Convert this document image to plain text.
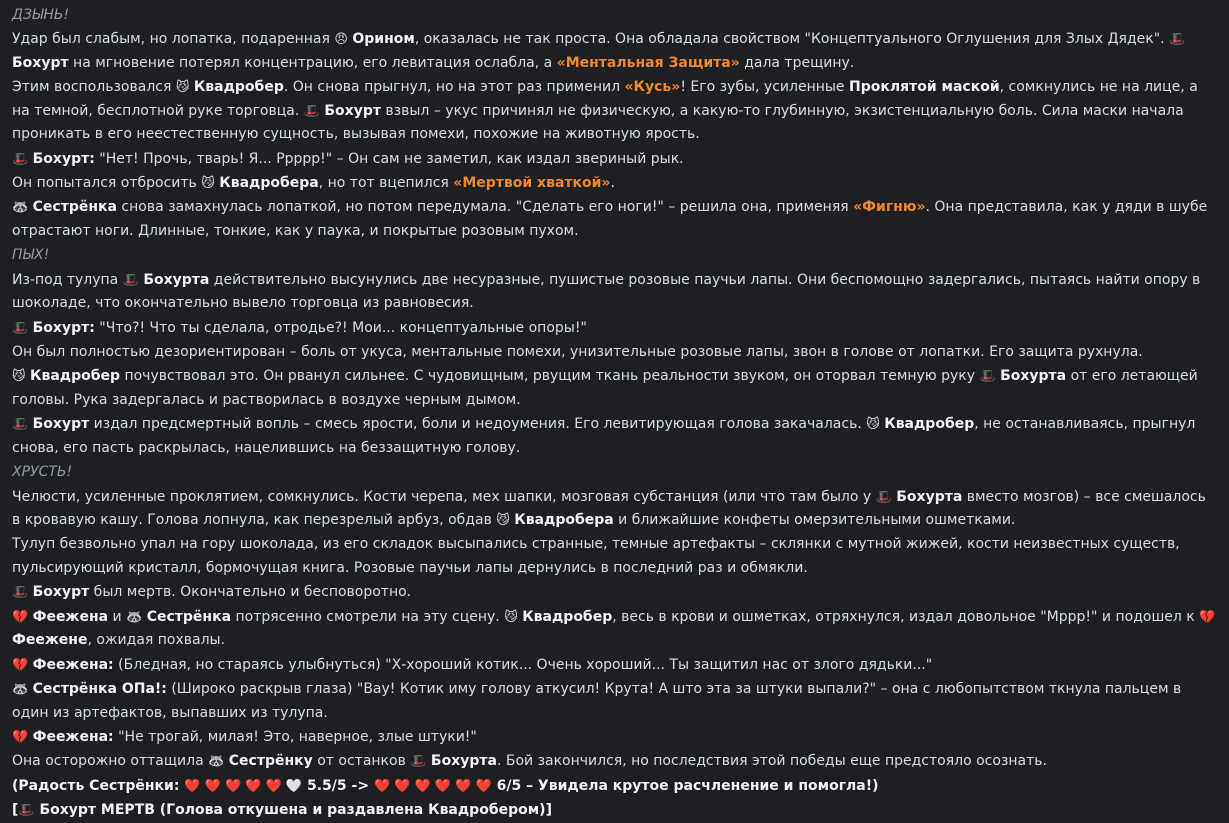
ДЗЫНЬ!
Удар был слабым, но лопатка, подаренная 😠 Орином, оказалась не так проста. Она обладала свойством "Концептуального Оглушения для Злых Дядек". 🎩 Бохурт на мгновение потерял концентрацию, его левитация ослабла, а «Ментальная Защита» дала трещину.
Этим воспользовался 😼 Квадробер. Он снова прыгнул, но на этот раз применил «Кусь»! Его зубы, усиленные Проклятой маской, сомкнулись не на лице, а на темной, бесплотной руке торговца. 🎩 Бохурт взвыл – укус причинял не физическую, а какую-то глубинную, экзистенциальную боль. Сила маски начала проникать в его неестественную сущность, вызывая помехи, похожие на животную ярость.
🎩 Бохурт: "Нет! Прочь, тварь! Я... Ррррр!" – Он сам не заметил, как издал звериный рык.
Он попытался отбросить 😼 Квадробера, но тот вцепился «Мертвой хваткой».
🦝 Сестрёнка снова замахнулась лопаткой, но потом передумала. "Сделать его ноги!" – решила она, применяя «Фигню». Она представила, как у дяди в шубе отрастают ноги. Длинные, тонкие, как у паука, и покрытые розовым пухом.
ПЫХ!
Из-под тулупа 🎩 Бохурта действительно высунулись две несуразные, пушистые розовые паучьи лапы. Они беспомощно задергались, пытаясь найти опору в шоколаде, что окончательно вывело торговца из равновесия.
🎩 Бохурт: "Что?! Что ты сделала, отродье?! Мои... концептуальные опоры!"
Он был полностью дезориентирован – боль от укуса, ментальные помехи, унизительные розовые лапы, звон в голове от лопатки. Его защита рухнула.
😼 Квадробер почувствовал это. Он рванул сильнее. С чудовищным, рвущим ткань реальности звуком, он оторвал темную руку 🎩 Бохурта от его летающей головы. Рука задергалась и растворилась в воздухе черным дымом.
🎩 Бохурт издал предсмертный вопль – смесь ярости, боли и недоумения. Его левитирующая голова закачалась. 😼 Квадробер, не останавливаясь, прыгнул снова, его пасть раскрылась, нацелившись на беззащитную голову.
ХРУСТЬ!
Челюсти, усиленные проклятием, сомкнулись. Кости черепа, мех шапки, мозговая субстанция (или что там было у 🎩 Бохурта вместо мозгов) – все смешалось в кровавую кашу. Голова лопнула, как перезрелый арбуз, обдав 😼 Квадробера и ближайшие конфеты омерзительными ошметками.
Тулуп безвольно упал на гору шоколада, из его складок высыпались странные, темные артефакты – склянки с мутной жижей, кости неизвестных существ, пульсирующий кристалл, бормочущая книга. Розовые паучьи лапы дернулись в последний раз и обмякли.
🎩 Бохурт был мертв. Окончательно и бесповоротно.
💔 Феежена и 🦝 Сестрёнка потрясенно смотрели на эту сцену. 😼 Квадробер, весь в крови и ошметках, отряхнулся, издал довольное "Мррр!" и подошел к 💔 Феежене, ожидая похвалы.
💔 Феежена: (Бледная, но стараясь улыбнуться) "Х-хороший котик... Очень хороший... Ты защитил нас от злого дядьки..."
🦝 Сестрёнка ОПа!: (Широко раскрыв глаза) "Вау! Котик иму голову аткусил! Крута! А што эта за штуки выпали?" – она с любопытством ткнула пальцем в один из артефактов, выпавших из тулупа.
💔 Феежена: "Не трогай, милая! Это, наверное, злые штуки!"
Она осторожно оттащила 🦝 Сестрёнку от останков 🎩 Бохурта. Бой закончился, но последствия этой победы еще предстояло осознать.
(Радость Сестрёнки: ❤️ ❤️ ❤️ ❤️ ❤️ 🤍 5.5/5 -> ❤️ ❤️ ❤️ ❤️ ❤️ ❤️ 6/5 – Увидела крутое расчленение и помогла!)
[🎩 Бохурт МЕРТВ (Голова откушена и раздавлена Квадробером)]
